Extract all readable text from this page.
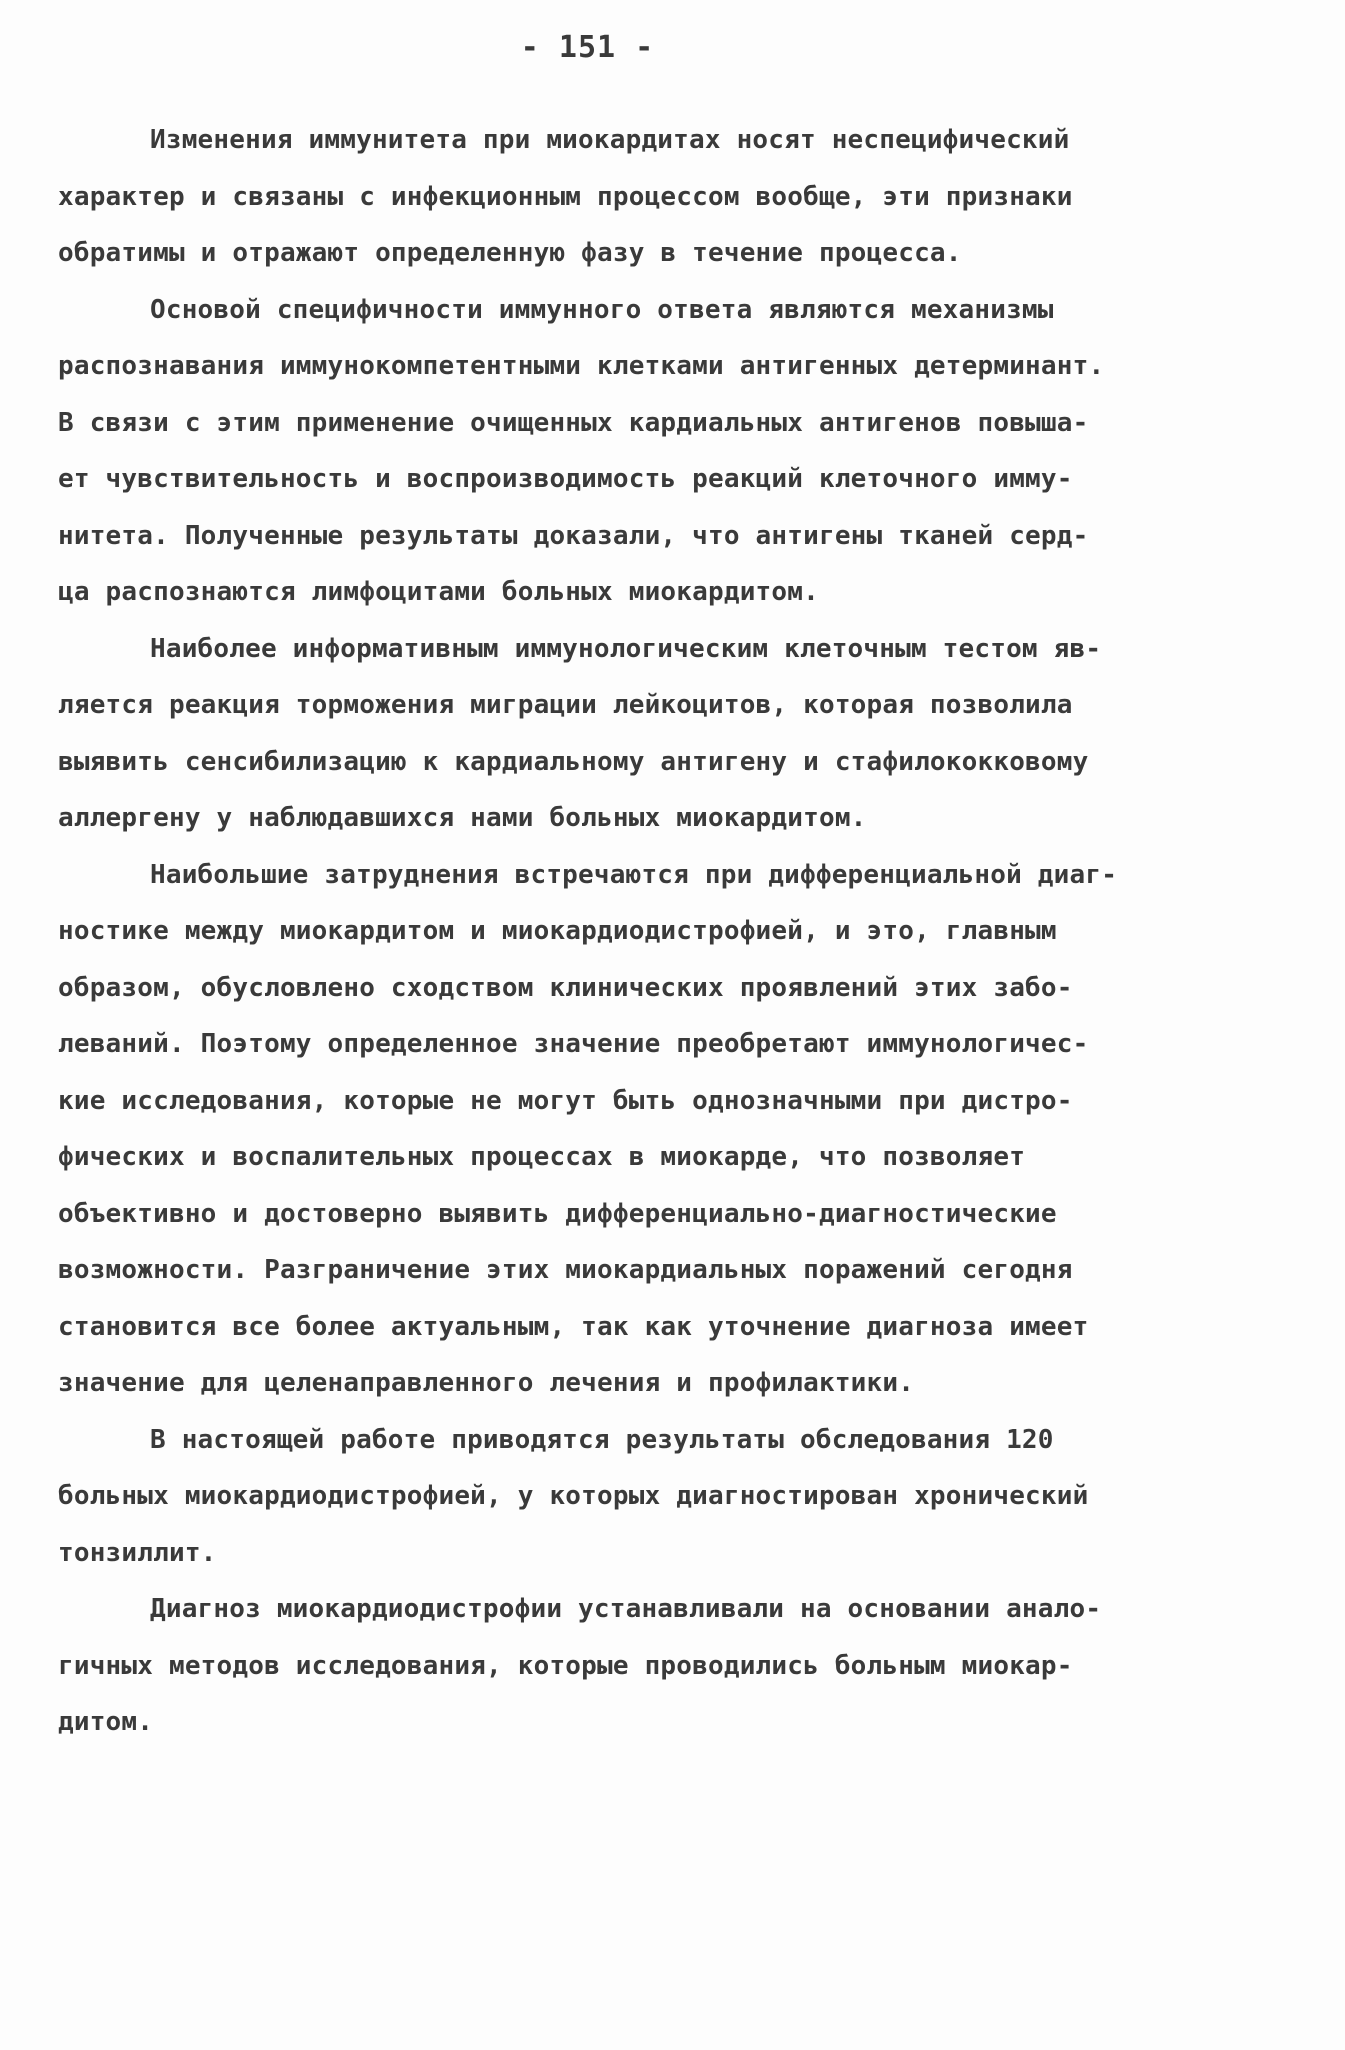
- 151 -
Изменения иммунитета при миокардитах носят неспецифический
характер и связаны с инфекционным процессом вообще, эти признаки
обратимы и отражают определенную фазу в течение процесса.
Основой специфичности иммунного ответа являются механизмы
распознавания иммунокомпетентными клетками антигенных детерминант.
В связи с этим применение очищенных кардиальных антигенов повыша-
ет чувствительность и воспроизводимость реакций клеточного иммy-
нитета. Полученные результаты доказали, что антигены тканей серд-
ца распознаются лимфоцитами больных миокардитом.
Наиболее информативным иммунологическим клеточным тестом яв-
ляется реакция торможения миграции лейкоцитов, которая позволила
выявить сенсибилизацию к кардиальному антигену и стафилококковому
аллергену у наблюдавшихся нами больных миокардитом.
Наибольшие затруднения встречаются при дифференциальной диаг-
ностике между миокардитом и миокардиодистрофией, и это, главным
образом, обусловлено сходством клинических проявлений этих забо-
леваний. Поэтому определенное значение преобретают иммунологичес-
кие исследования, которые не могут быть однозначными при дистро-
фических и воспалительных процессах в миокарде, что позволяет
объективно и достоверно выявить дифференциально-диагностические
возможности. Разграничение этих миокардиальных поражений сегодня
становится все более актуальным, так как уточнение диагноза имеет
значение для целенаправленного лечения и профилактики.
В настоящей работе приводятся результаты обследования 120
больных миокардиодистрофией, у которых диагностирован хронический
тонзиллит.
Диагноз миокардиодистрофии устанавливали на основании анало-
гичных методов исследования, которые проводились больным миокар-
дитом.
